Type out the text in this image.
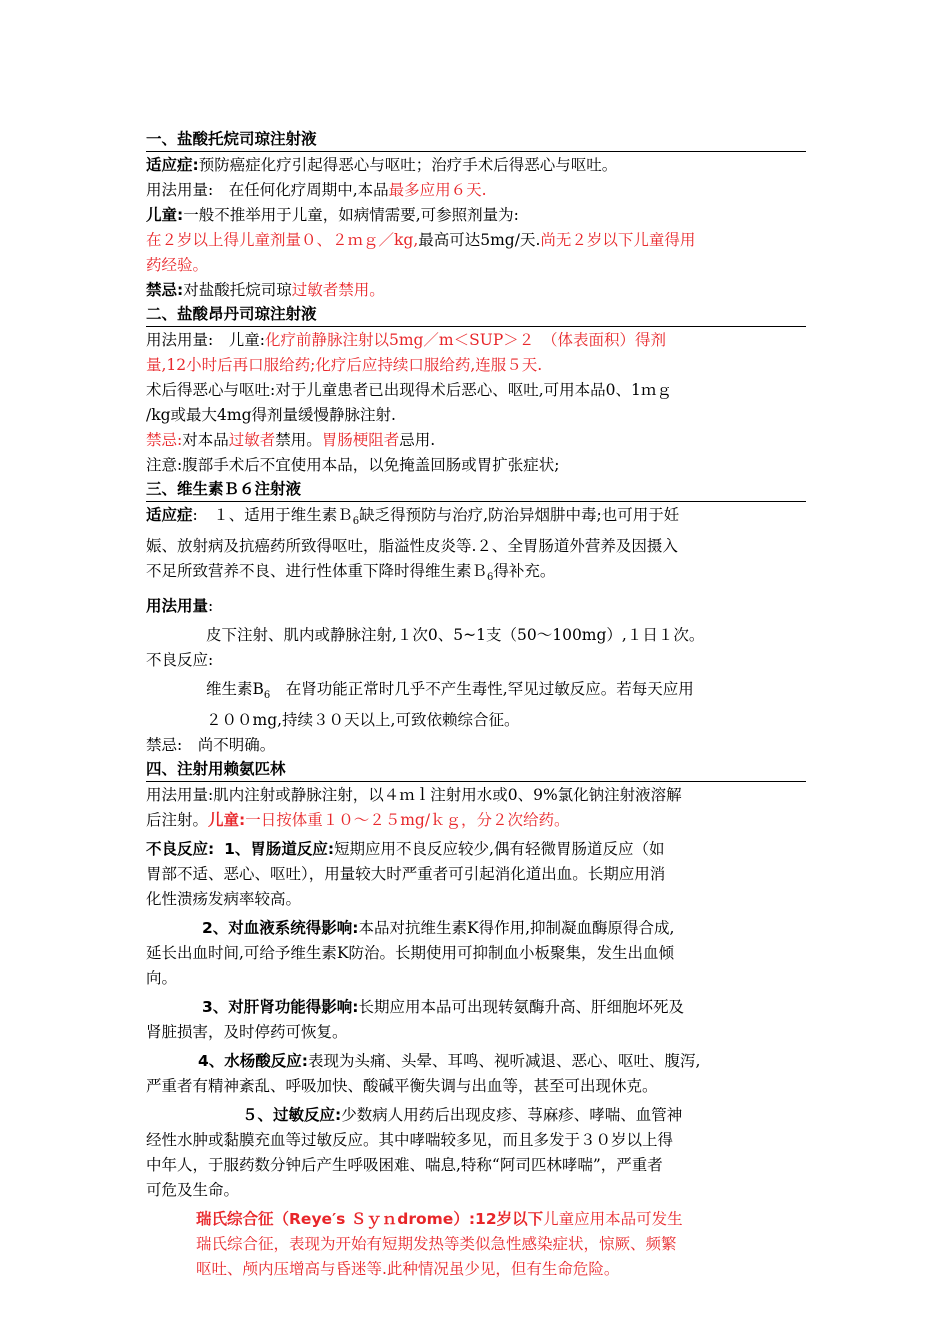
一、盐酸托烷司琼注射液
适应症:预防癌症化疗引起得恶心与呕吐；治疗手术后得恶心与呕吐。
用法用量:　在任何化疗周期中,本品最多应用６天.
儿童:一般不推举用于儿童，如病情需要,可参照剂量为:
在２岁以上得儿童剂量０、２ｍｇ／kg,最高可达5mg/天.尚无２岁以下儿童得用
药经验。
禁忌:对盐酸托烷司琼过敏者禁用。
二、盐酸昂丹司琼注射液
用法用量:　儿童:化疗前静脉注射以5mg／m＜SUP＞２　（体表面积）得剂
量,12小时后再口服给药;化疗后应持续口服给药,连服５天.
术后得恶心与呕吐:对于儿童患者已出现得术后恶心、呕吐,可用本品0、1ｍｇ
/kg或最大4mg得剂量缓慢静脉注射.
禁忌:对本品过敏者禁用。胃肠梗阻者忌用.
注意:腹部手术后不宜使用本品，以免掩盖回肠或胃扩张症状;
三、维生素Ｂ６注射液
适应症:　１、适用于维生素Ｂ$_6$缺乏得预防与治疗,防治异烟肼中毒;也可用于妊
娠、放射病及抗癌药所致得呕吐，脂溢性皮炎等.２、全胃肠道外营养及因摄入
不足所致营养不良、进行性体重下降时得维生素Ｂ$_6$得补充。
用法用量:
皮下注射、肌内或静脉注射,１次0、5~1支（50～100mg）,１日１次。
不良反应:
维生素$B_6$　在肾功能正常时几乎不产生毒性,罕见过敏反应。若每天应用
２００mg,持续３０天以上,可致依赖综合征。
禁忌:　尚不明确。
四、注射用赖氨匹林
用法用量:肌内注射或静脉注射，以４ｍｌ注射用水或0、9%氯化钠注射液溶解
后注射。儿童:一日按体重１０～２５mg/ｋｇ，分２次给药。
不良反应: 1、胃肠道反应:短期应用不良反应较少,偶有轻微胃肠道反应（如
胃部不适、恶心、呕吐），用量较大时严重者可引起消化道出血。长期应用消
化性溃疡发病率较高。
2、对血液系统得影响:本品对抗维生素K得作用,抑制凝血酶原得合成,
延长出血时间,可给予维生素K防治。长期使用可抑制血小板聚集，发生出血倾
向。
3、对肝肾功能得影响:长期应用本品可出现转氨酶升高、肝细胞坏死及
肾脏损害，及时停药可恢复。
4、水杨酸反应:表现为头痛、头晕、耳鸣、视听减退、恶心、呕吐、腹泻,
严重者有精神紊乱、呼吸加快、酸碱平衡失调与出血等，甚至可出现休克。
５、过敏反应:少数病人用药后出现皮疹、荨麻疹、哮喘、血管神
经性水肿或黏膜充血等过敏反应。其中哮喘较多见，而且多发于３０岁以上得
中年人，于服药数分钟后产生呼吸困难、喘息,特称“阿司匹林哮喘”，严重者
可危及生命。
瑞氏综合征（Reye′s Ｓｙｎdrome）:12岁以下儿童应用本品可发生
瑞氏综合征，表现为开始有短期发热等类似急性感染症状，惊厥、频繁
呕吐、颅内压增高与昏迷等.此种情况虽少见，但有生命危险。
